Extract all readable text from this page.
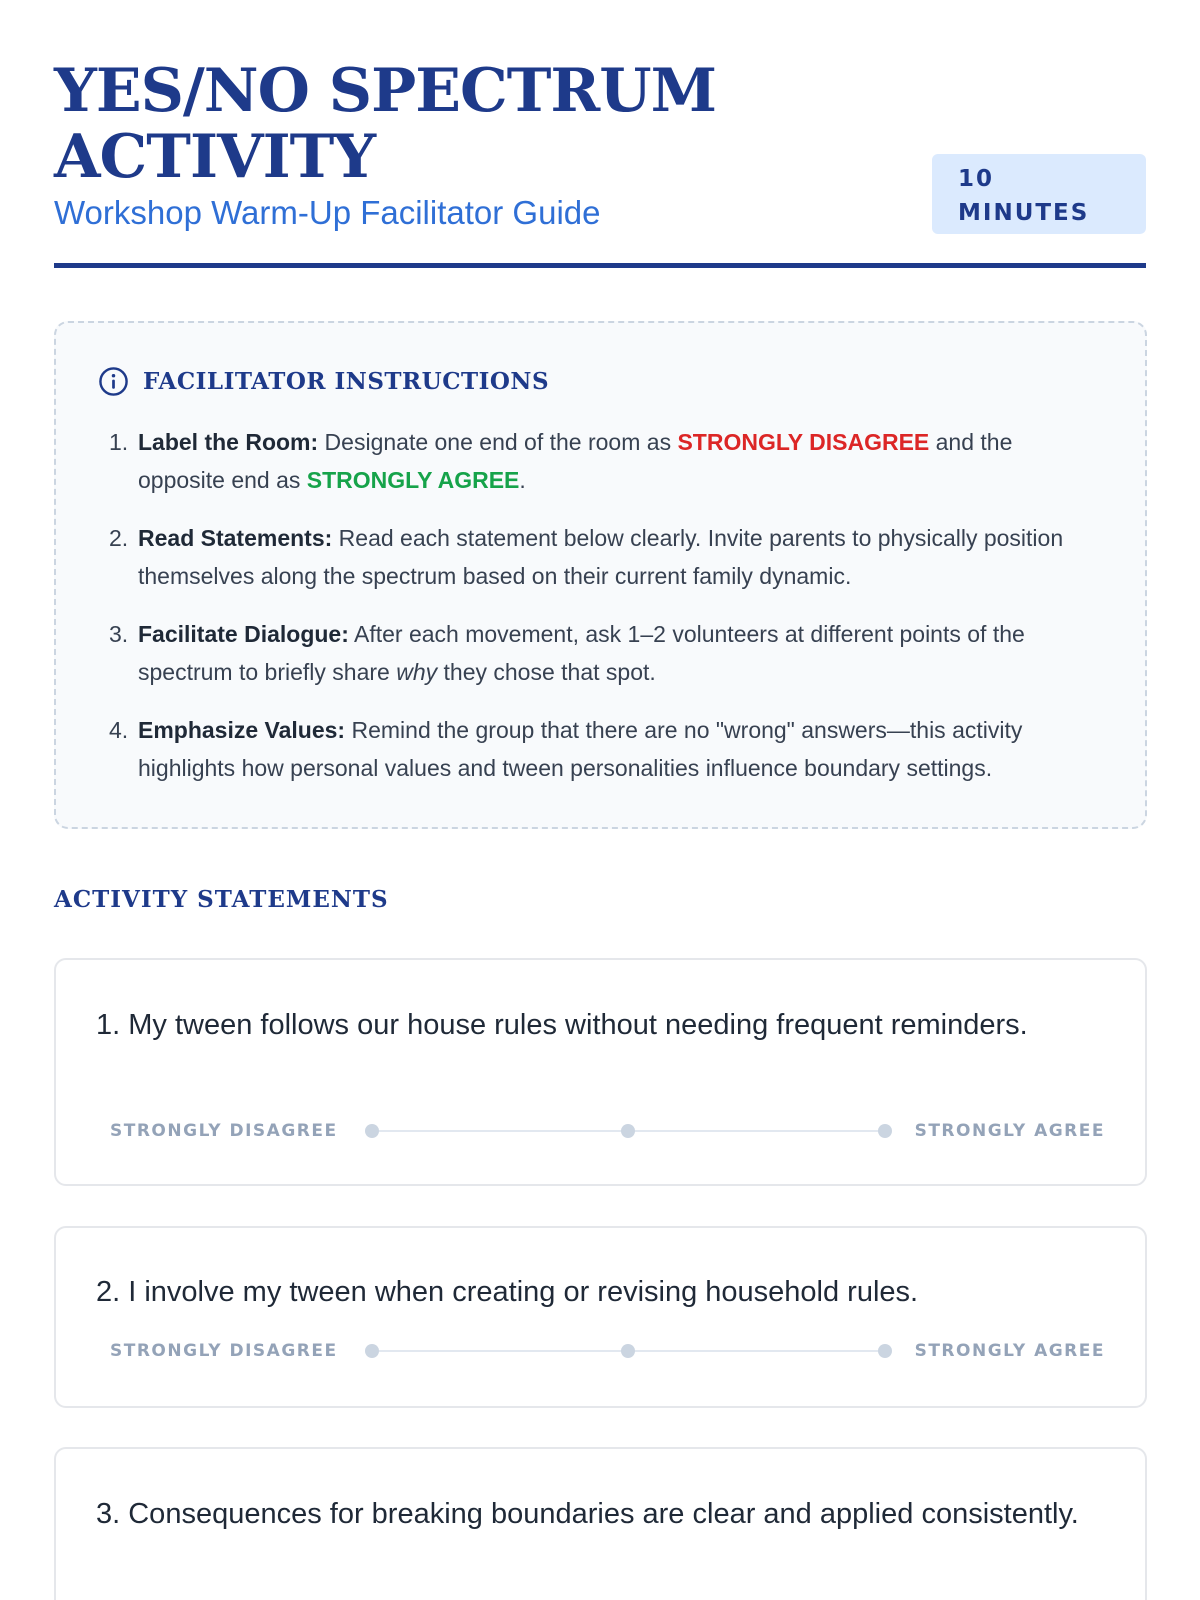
YES/NO SPECTRUM ACTIVITY
Workshop Warm-Up Facilitator Guide
10 MINUTES
FACILITATOR INSTRUCTIONS
1. Label the Room: Designate one end of the room as STRONGLY DISAGREE and the opposite end as STRONGLY AGREE.
2. Read Statements: Read each statement below clearly. Invite parents to physically position themselves along the spectrum based on their current family dynamic.
3. Facilitate Dialogue: After each movement, ask 1–2 volunteers at different points of the spectrum to briefly share why they chose that spot.
4. Emphasize Values: Remind the group that there are no "wrong" answers—this activity highlights how personal values and tween personalities influence boundary settings.
ACTIVITY STATEMENTS

1. My tween follows our house rules without needing frequent reminders.

STRONGLY DISAGREE	STRONGLY AGREE

2. I involve my tween when creating or revising household rules.

STRONGLY DISAGREE	STRONGLY AGREE

3. Consequences for breaking boundaries are clear and applied consistently.
